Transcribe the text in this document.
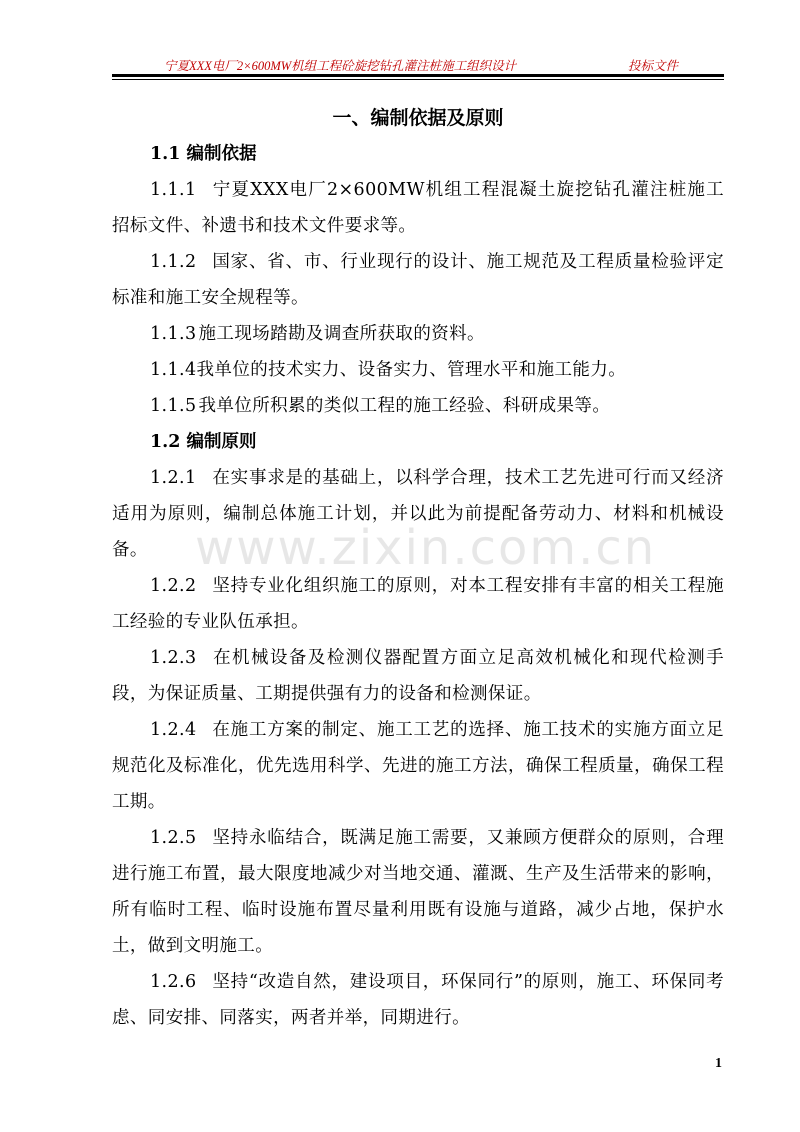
宁夏XXX电厂2×600MW机组工程砼旋挖钻孔灌注桩施工组织设计	投标文件
一、编制依据及原则
1.1 编制依据

1.1.1 宁夏XXX电厂2×600MW机组工程混凝土旋挖钻孔灌注桩施工招标文件、补遗书和技术文件要求等。

1.1.2 国家、省、市、行业现行的设计、施工规范及工程质量检验评定标准和施工安全规程等。

1.1.3 施工现场踏勘及调查所获取的资料。

1.1.4我单位的技术实力、设备实力、管理水平和施工能力。

1.1.5 我单位所积累的类似工程的施工经验、科研成果等。

1.2 编制原则

1.2.1 在实事求是的基础上，以科学合理，技术工艺先进可行而又经济适用为原则，编制总体施工计划，并以此为前提配备劳动力、材料和机械设备。

1.2.2 坚持专业化组织施工的原则，对本工程安排有丰富的相关工程施工经验的专业队伍承担。

1.2.3 在机械设备及检测仪器配置方面立足高效机械化和现代检测手段，为保证质量、工期提供强有力的设备和检测保证。

1.2.4 在施工方案的制定、施工工艺的选择、施工技术的实施方面立足规范化及标准化，优先选用科学、先进的施工方法，确保工程质量，确保工程工期。

1.2.5 坚持永临结合，既满足施工需要，又兼顾方便群众的原则，合理进行施工布置，最大限度地减少对当地交通、灌溉、生产及生活带来的影响，所有临时工程、临时设施布置尽量利用既有设施与道路，减少占地，保护水土，做到文明施工。

1.2.6 坚持“改造自然，建设项目，环保同行”的原则，施工、环保同考虑、同安排、同落实，两者并举，同期进行。

www.zixin.com.cn
1
